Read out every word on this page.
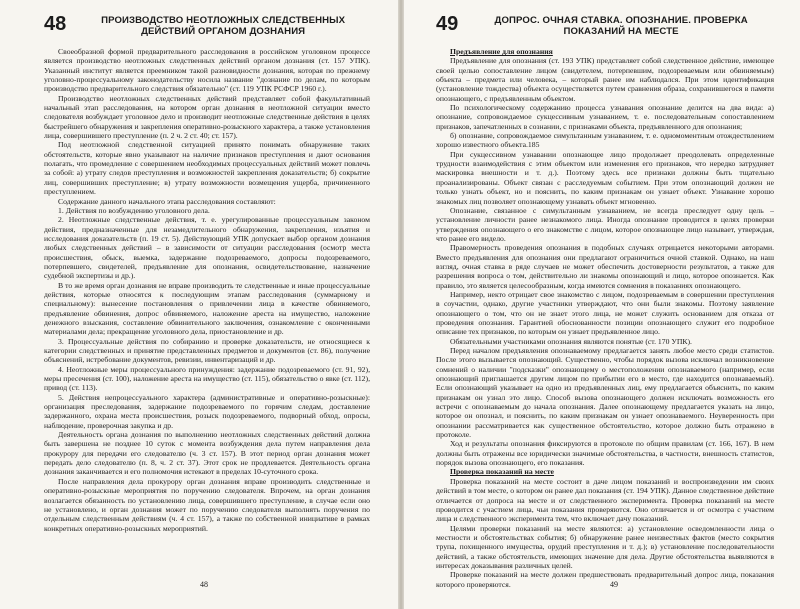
48	ПРОИЗВОДСТВО НЕОТЛОЖНЫХ СЛЕДСТВЕННЫХ ДЕЙСТВИЙ ОРГАНОМ ДОЗНАНИЯ

Своеобразной формой предварительного расследования в российском уголовном процессе является производство неотложных следственных действий органом дознания (ст. 157 УПК). Указанный институт является преемником такой разновидности дознания, которая по прежнему уголовно-процессуальному законодательству носила название "дознание по делам, по которым производство предварительного следствия обязательно" (ст. 119 УПК РСФСР 1960 г.).

Производство неотложных следственных действий представляет собой факультативный начальный этап расследования, на котором орган дознания в неотложной ситуации вместо следователя возбуждает уголовное дело и производит неотложные следственные действия в целях быстрейшего обнаружения и закрепления оперативно-розыскного характера, а также установления лица, совершившего преступление (п. 2 ч. 2 ст. 40; ст. 157).

Под неотложной следственной ситуацией принято понимать обнаружение таких обстоятельств, которые явно указывают на наличие признаков преступления и дают основания полагать, что промедление с совершением необходимых процессуальных действий может повлечь за собой: а) утрату следов преступления и возможностей закрепления доказательств; б) сокрытие лиц, совершивших преступление; в) утрату возможности возмещения ущерба, причиненного преступлением.

Содержание данного начального этапа расследования составляют:

1. Действия по возбуждению уголовного дела.

2. Неотложные следственные действия, т. е. урегулированные процессуальным законом действия, предназначенные для незамедлительного обнаружения, закрепления, изъятия и исследования доказательств (п. 19 ст. 5). Действующий УПК допускает выбор органом дознания любых следственных действий – в зависимости от ситуации расследования (осмотр места происшествия, обыск, выемка, задержание подозреваемого, допросы подозреваемого, потерпевшего, свидетелей, предъявление для опознания, освидетельствование, назначение судебной экспертизы и др.).

В то же время орган дознания не вправе производить те следственные и иные процессуальные действия, которые относятся к последующим этапам расследования (суммарному и специальному): вынесение постановления о привлечении лица в качестве обвиняемого, предъявление обвинения, допрос обвиняемого, наложение ареста на имущество, наложение денежного взыскания, составление обвинительного заключения, ознакомление с оконченными материалами дела; прекращение уголовного дела, приостановление и др.

3. Процессуальные действия по собиранию и проверке доказательств, не относящиеся к категории следственных и принятие представленных предметов и документов (ст. 86), получение объяснений, истребование документов, ревизии, инвентаризаций и др.

4. Неотложные меры процессуального принуждения: задержание подозреваемого (ст. 91, 92), меры пресечения (ст. 100), наложение ареста на имущество (ст. 115), обязательство о явке (ст. 112), привод (ст. 113).

5. Действия непроцессуального характера (административные и оперативно-розыскные): организация преследования, задержание подозреваемого по горячим следам, доставление задержанного, охрана места происшествия, розыск подозреваемого, подворный обход, опросы, наблюдение, проверочная закупка и др.

Деятельность органа дознания по выполнению неотложных следственных действий должна быть завершена не позднее 10 суток с момента возбуждения дела путем направления дела прокурору для передачи его следователю (ч. 3 ст. 157). В этот период орган дознания может передать дело следователю (п. 8, ч. 2 ст. 37). Этот срок не продлевается. Деятельность органа дознания заканчивается и его полномочия истекают в пределах 10-суточного срока.

После направления дела прокурору орган дознания вправе производить следственные и оперативно-розыскные мероприятия по поручению следователя. Впрочем, на орган дознания возлагается обязанность по установлению лица, совершившего преступление, в случае если оно не установлено, и орган дознания может по поручению следователя выполнять поручения по отдельным следственным действиям (ч. 4 ст. 157), а также по собственной инициативе в рамках конкретных оперативно-розыскных мероприятий.

48
49	ДОПРОС. ОЧНАЯ СТАВКА. ОПОЗНАНИЕ. ПРОВЕРКА ПОКАЗАНИЙ НА МЕСТЕ

Предъявление для опознания

Предъявление для опознания (ст. 193 УПК) представляет собой следственное действие, имеющее своей целью сопоставление лицом (свидетелем, потерпевшим, подозреваемым или обвиняемым) объекта – предмета или человека, – который ранее им наблюдался. При этом идентификация (установление тождества) объекта осуществляется путем сравнения образа, сохранившегося в памяти опознающего, с предъявленным объектом.

По психологическому содержанию процесса узнавания опознание делится на два вида: а) опознание, сопровождаемое сукцессивным узнаванием, т. е. последовательным сопоставлением признаков, запечатленных в сознании, с признаками объекта, предъявленного для опознания;

б) опознание, сопровождаемое симультанным узнаванием, т. е. одномоментным отождествлением хорошо известного объекта.185

При сукцессивном узнавании опознающее лицо продолжает преодолевать определенные трудности взаимодействия с этим объектом или изменения его признаков, что нередко затрудняет маскировка внешности и т. д.). Поэтому здесь все признаки должны быть тщательно проанализированы. Объект связан с расследуемым событием. При этом опознающий должен не только узнать объект, но и пояснить, по каким признакам он узнает объект. Узнавание хорошо знакомых лиц позволяет опознающему узнавать объект мгновенно.

Опознание, связанное с симультанным узнаванием, не всегда преследует одну цель – установление личности ранее незнакомого лица. Иногда опознание проводится в целях проверки утверждения опознающего о его знакомстве с лицом, которое опознающее лицо называет, утверждая, что ранее его видело.

Правомерность проведения опознания в подобных случаях отрицается некоторыми авторами. Вместо предъявления для опознания они предлагают ограничиться очной ставкой. Однако, на наш взгляд, очная ставка в ряде случаев не может обеспечить достоверности результатов, а также для разрешения вопроса о том, действительно ли знакомы опознающий и лицо, которое опознается. Как правило, это является целесообразным, когда имеются сомнения в показаниях опознающего.

Например, некто отрицает свое знакомство с лицом, подозреваемым в совершении преступления в соучастии, однако, другие участники утверждают, что они были знакомы. Поэтому заявление опознающего о том, что он не знает этого лица, не может служить основанием для отказа от проведения опознания. Гарантией обоснованности позиции опознающего служит его подробное описание тех признаков, по которым он узнает предъявленное лицо.

Обязательными участниками опознания являются понятые (ст. 170 УПК).

Перед началом предъявления опознаваемому предлагается занять любое место среди статистов. После этого вызывается опознающий. Существенно, чтобы порядок вызова исключал возникновение сомнений о наличии "подсказки" опознающему о местоположении опознаваемого (например, если опознающий приглашается другим лицом по прибытии его в место, где находится опознаваемый). Если опознающий указывает на одно из предъявленных лиц, ему предлагается объяснить, по каким признакам он узнал это лицо. Способ вызова опознающего должен исключать возможность его встречи с опознаваемым до начала опознания. Далее опознающему предлагается указать на лицо, которое он опознал, и пояснить, по каким признакам он узнает опознаваемого. Неуверенность при опознании рассматривается как существенное обстоятельство, которое должно быть отражено в протоколе.

Ход и результаты опознания фиксируются в протоколе по общим правилам (ст. 166, 167). В нем должны быть отражены все юридически значимые обстоятельства, в частности, внешность статистов, порядок вызова опознающего, его показания.

Проверка показаний на месте

Проверка показаний на месте состоит в даче лицом показаний и воспроизведении им своих действий в том месте, о котором он ранее дал показания (ст. 194 УПК). Данное следственное действие отличается от допроса на месте и от следственного эксперимента. Проверка показаний на месте проводится с участием лица, чьи показания проверяются. Оно отличается и от осмотра с участием лица и следственного эксперимента тем, что включает дачу показаний.

Целями проверки показаний на месте являются: а) установление осведомленности лица о местности и обстоятельствах события; б) обнаружение ранее неизвестных фактов (место сокрытия трупа, похищенного имущества, орудий преступления и т. д.); в) установление последовательности действий, а также обстоятельств, имеющих значение для дела. Другие обстоятельства выявляются в интересах доказывания различных целей.

Проверке показаний на месте должен предшествовать предварительный допрос лица, показания которого проверяются.	49
